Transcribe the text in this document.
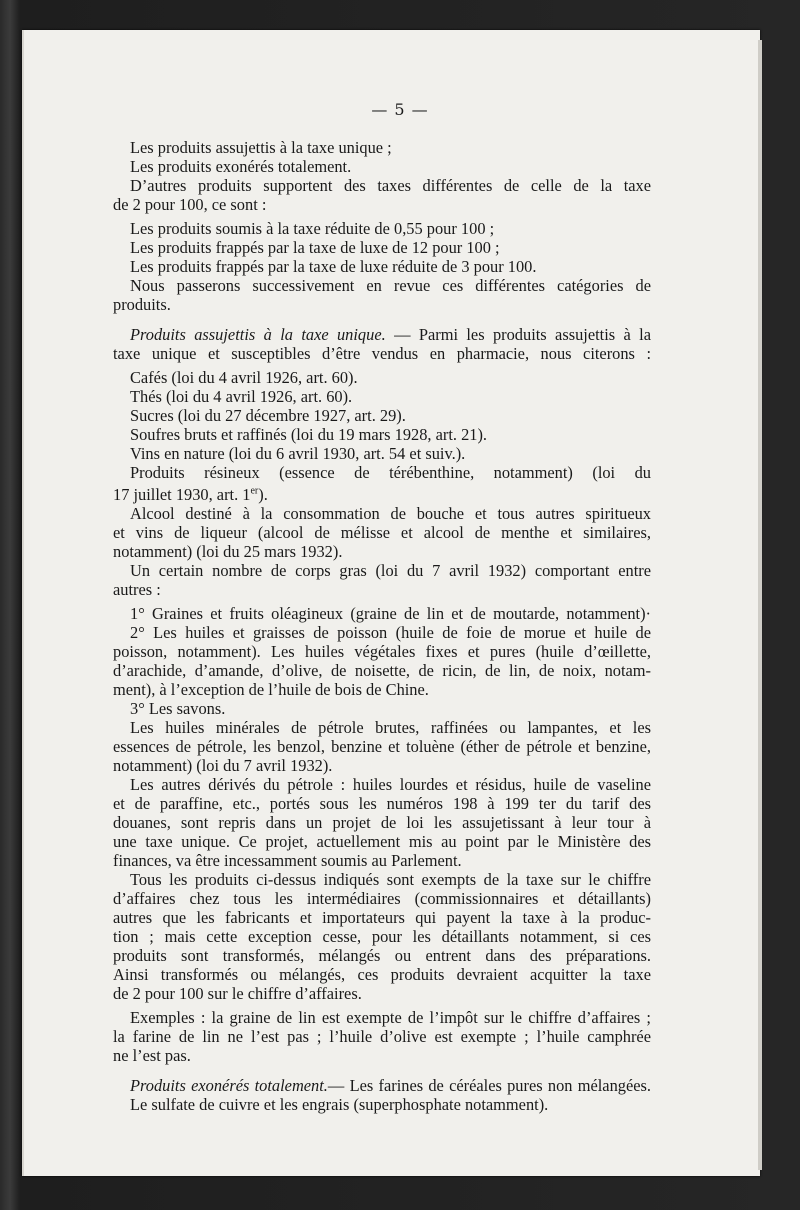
— 5 —
Les produits assujettis à la taxe unique ;
Les produits exonérés totalement.
D’autres produits supportent des taxes différentes de celle de la taxe
de 2 pour 100, ce sont :
Les produits soumis à la taxe réduite de 0,55 pour 100 ;
Les produits frappés par la taxe de luxe de 12 pour 100 ;
Les produits frappés par la taxe de luxe réduite de 3 pour 100.
Nous passerons successivement en revue ces différentes catégories de
produits.
Produits assujettis à la taxe unique. — Parmi les produits assujettis à la
taxe unique et susceptibles d’être vendus en pharmacie, nous citerons :
Cafés (loi du 4 avril 1926, art. 60).
Thés (loi du 4 avril 1926, art. 60).
Sucres (loi du 27 décembre 1927, art. 29).
Soufres bruts et raffinés (loi du 19 mars 1928, art. 21).
Vins en nature (loi du 6 avril 1930, art. 54 et suiv.).
Produits résineux (essence de térébenthine, notamment) (loi du
17 juillet 1930, art. 1er).
Alcool destiné à la consommation de bouche et tous autres spiritueux
et vins de liqueur (alcool de mélisse et alcool de menthe et similaires,
notamment) (loi du 25 mars 1932).
Un certain nombre de corps gras (loi du 7 avril 1932) comportant entre
autres :
1° Graines et fruits oléagineux (graine de lin et de moutarde, notamment)·
2° Les huiles et graisses de poisson (huile de foie de morue et huile de
poisson, notamment). Les huiles végétales fixes et pures (huile d’œillette,
d’arachide, d’amande, d’olive, de noisette, de ricin, de lin, de noix, notam-
ment), à l’exception de l’huile de bois de Chine.
3° Les savons.
Les huiles minérales de pétrole brutes, raffinées ou lampantes, et les
essences de pétrole, les benzol, benzine et toluène (éther de pétrole et benzine,
notamment) (loi du 7 avril 1932).
Les autres dérivés du pétrole : huiles lourdes et résidus, huile de vaseline
et de paraffine, etc., portés sous les numéros 198 à 199 ter du tarif des
douanes, sont repris dans un projet de loi les assujetissant à leur tour à
une taxe unique. Ce projet, actuellement mis au point par le Ministère des
finances, va être incessamment soumis au Parlement.
Tous les produits ci-dessus indiqués sont exempts de la taxe sur le chiffre
d’affaires chez tous les intermédiaires (commissionnaires et détaillants)
autres que les fabricants et importateurs qui payent la taxe à la produc-
tion ; mais cette exception cesse, pour les détaillants notamment, si ces
produits sont transformés, mélangés ou entrent dans des préparations.
Ainsi transformés ou mélangés, ces produits devraient acquitter la taxe
de 2 pour 100 sur le chiffre d’affaires.
Exemples : la graine de lin est exempte de l’impôt sur le chiffre d’affaires ;
la farine de lin ne l’est pas ; l’huile d’olive est exempte ; l’huile camphrée
ne l’est pas.
Produits exonérés totalement.— Les farines de céréales pures non mélangées.
Le sulfate de cuivre et les engrais (superphosphate notamment).
